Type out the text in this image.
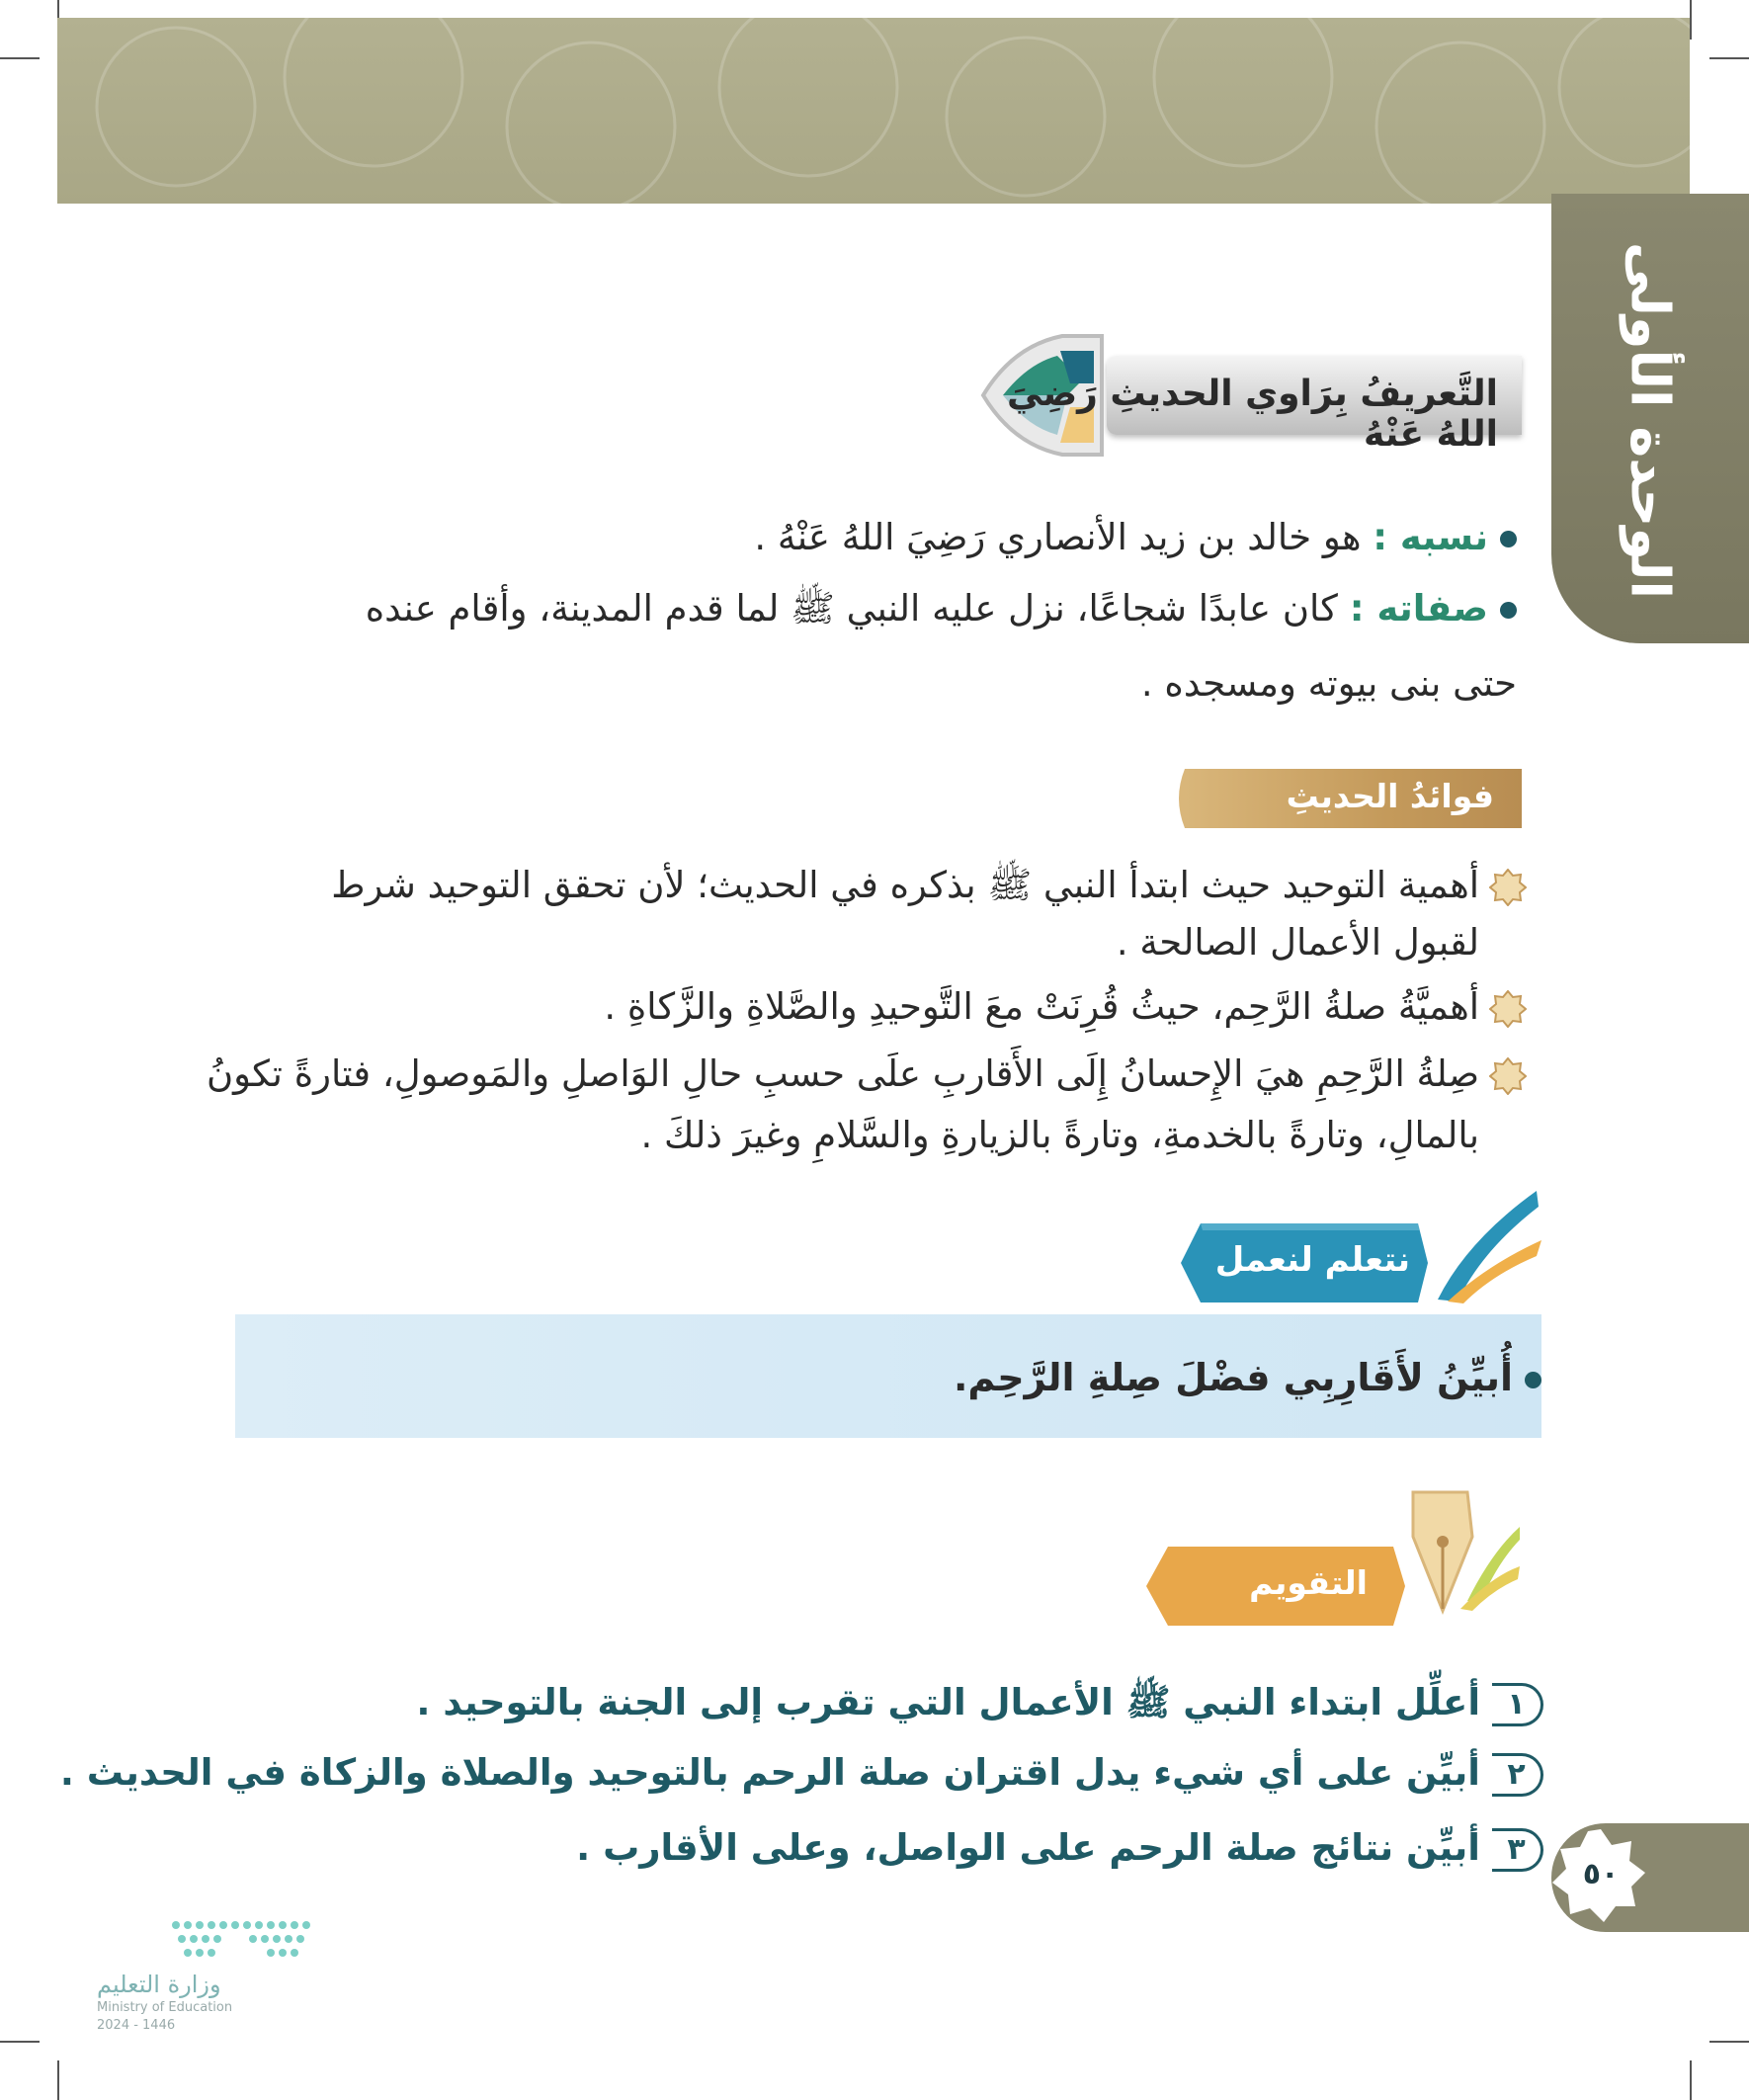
الوحدة الأولى
التَّعريفُ بِرَاوي الحديثِ رَضِيَ اللهُ عَنْهُ
نسبه : هو خالد بن زيد الأنصاري رَضِيَ اللهُ عَنْهُ .
صفاته : كان عابدًا شجاعًا، نزل عليه النبي ﷺ لما قدم المدينة، وأقام عنده
حتى بنى بيوته ومسجده .
فوائدُ الحديثِ
أهمية التوحيد حيث ابتدأ النبي ﷺ بذكره في الحديث؛ لأن تحقق التوحيد شرط
لقبول الأعمال الصالحة .
أهميَّةُ صلةُ الرَّحِم، حيثُ قُرِنَتْ معَ التَّوحيدِ والصَّلاةِ والزَّكاةِ .
صِلةُ الرَّحِمِ هيَ الإِحسانُ إِلَى الأَقاربِ علَى حسبِ حالِ الوَاصلِ والمَوصولِ، فتارةً تكونُ
بالمالِ، وتارةً بالخدمةِ، وتارةً بالزيارةِ والسَّلامِ وغيرَ ذلكَ .
نتعلم لنعمل
أُبيِّنُ لأَقَارِبِي فضْلَ صِلةِ الرَّحِم.
التقويم
١أعلِّل ابتداء النبي ﷺ الأعمال التي تقرب إلى الجنة بالتوحيد .
٢أبيِّن على أي شيء يدل اقتران صلة الرحم بالتوحيد والصلاة والزكاة في الحديث .
٣أبيِّن نتائج صلة الرحم على الواصل، وعلى الأقارب .
٥٠
وزارة التعليم
Ministry of Education
2024 - 1446
